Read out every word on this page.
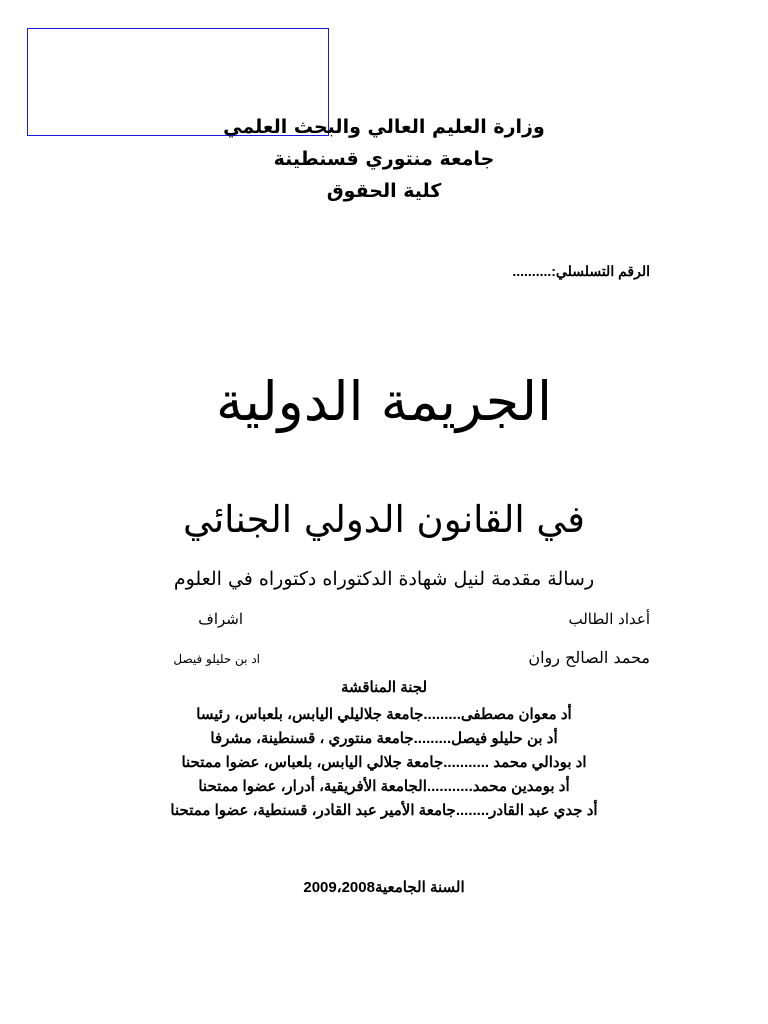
وزارة العليم العالي والبحث العلمي
جامعة منتوري قسنطينة
كلية الحقوق
الرقم التسلسلي:..........
الجريمة الدولية
في القانون الدولي الجنائي
رسالة مقدمة لنيل شهادة الدكتوراه دكتوراه في العلوم
أعداد الطالب
اشراف
محمد الصالح روان
اد بن حليلو فيصل
لجنة المناقشة
أد معوان مصطفى.........جامعة جلاليلي اليابس، بلعباس، رئيسا
أد بن حليلو فيصل.........جامعة منتوري ، قسنطينة، مشرفا
اد بودالي محمد ...........جامعة جلالي اليابس، بلعباس، عضوا ممتحنا
أد بومدين محمد...........الجامعة الأفريقية، أدرار، عضوا ممتحنا
أد جدي عبد القادر........جامعة الأمير عبد القادر، قسنطية، عضوا ممتحنا
السنة الجامعية2009،2008
